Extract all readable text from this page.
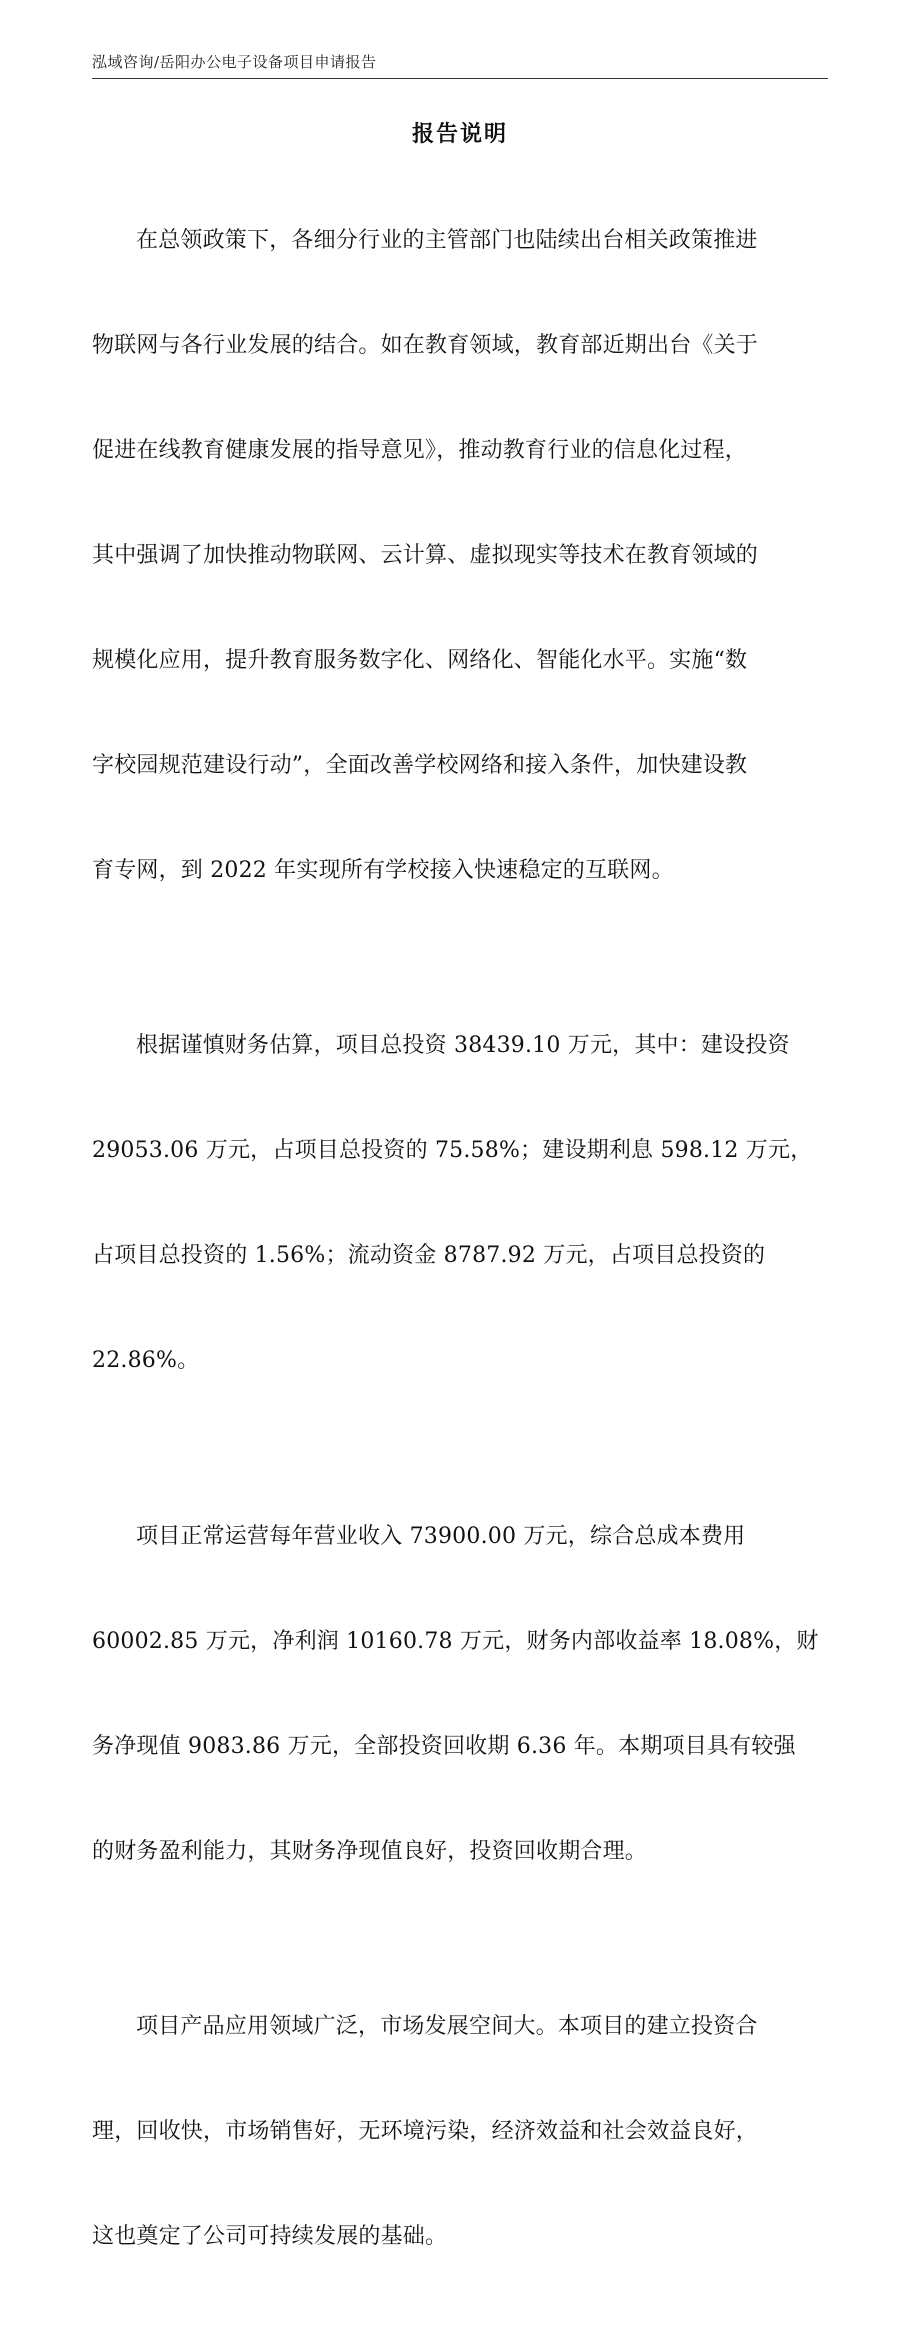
泓域咨询/岳阳办公电子设备项目申请报告
报告说明

在总领政策下，各细分行业的主管部门也陆续出台相关政策推进

物联网与各行业发展的结合。如在教育领域，教育部近期出台《关于

促进在线教育健康发展的指导意见》，推动教育行业的信息化过程，

其中强调了加快推动物联网、云计算、虚拟现实等技术在教育领域的

规模化应用，提升教育服务数字化、网络化、智能化水平。实施“数

字校园规范建设行动”，全面改善学校网络和接入条件，加快建设教

育专网，到 2022 年实现所有学校接入快速稳定的互联网。

根据谨慎财务估算，项目总投资 38439.10 万元，其中：建设投资

29053.06 万元，占项目总投资的 75.58%；建设期利息 598.12 万元，

占项目总投资的 1.56%；流动资金 8787.92 万元，占项目总投资的

22.86%。

项目正常运营每年营业收入 73900.00 万元，综合总成本费用

60002.85 万元，净利润 10160.78 万元，财务内部收益率 18.08%，财

务净现值 9083.86 万元，全部投资回收期 6.36 年。本期项目具有较强

的财务盈利能力，其财务净现值良好，投资回收期合理。

项目产品应用领域广泛，市场发展空间大。本项目的建立投资合

理，回收快，市场销售好，无环境污染，经济效益和社会效益良好，

这也奠定了公司可持续发展的基础。
